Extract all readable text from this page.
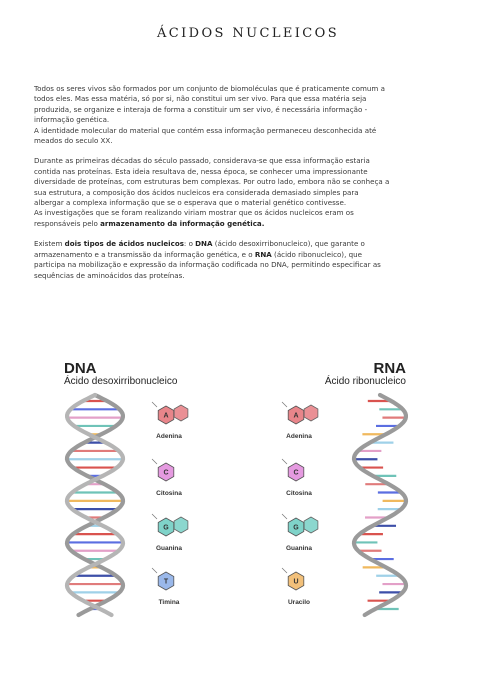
ÁCIDOS NUCLEICOS

Todos os seres vivos são formados por um conjunto de biomoléculas que é praticamente comum a
todos eles. Mas essa matéria, só por si, não constitui um ser vivo. Para que essa matéria seja
produzida, se organize e interaja de forma a constituir um ser vivo, é necessária informação -
informação genética.
A identidade molecular do material que contém essa informação permaneceu desconhecida até
meados do seculo XX.

Durante as primeiras décadas do século passado, considerava-se que essa informação estaria
contida nas proteínas. Esta ideia resultava de, nessa época, se conhecer uma impressionante
diversidade de proteínas, com estruturas bem complexas. Por outro lado, embora não se conheça a
sua estrutura, a composição dos ácidos nucleicos era considerada demasiado simples para
albergar a complexa informação que se o esperava que o material genético contivesse.
As investigações que se foram realizando viriam mostrar que os ácidos nucleicos eram os
responsáveis pelo armazenamento da informação genética.

Existem dois tipos de ácidos nucleicos: o DNA (ácido desoxirribonucleico), que garante o
armazenamento e a transmissão da informação genética, e o RNA (ácido ribonucleico), que
participa na mobilização e expressão da informação codificada no DNA, permitindo especificar as
sequências de aminoácidos das proteínas.

DNA
Ácido desoxirribonucleico
RNA
Ácido ribonucleico
A
C
G
T
A
C
G
U
Adenina
Citosina
Guanina
Timina
Adenina
Citosina
Guanina
Uracilo
